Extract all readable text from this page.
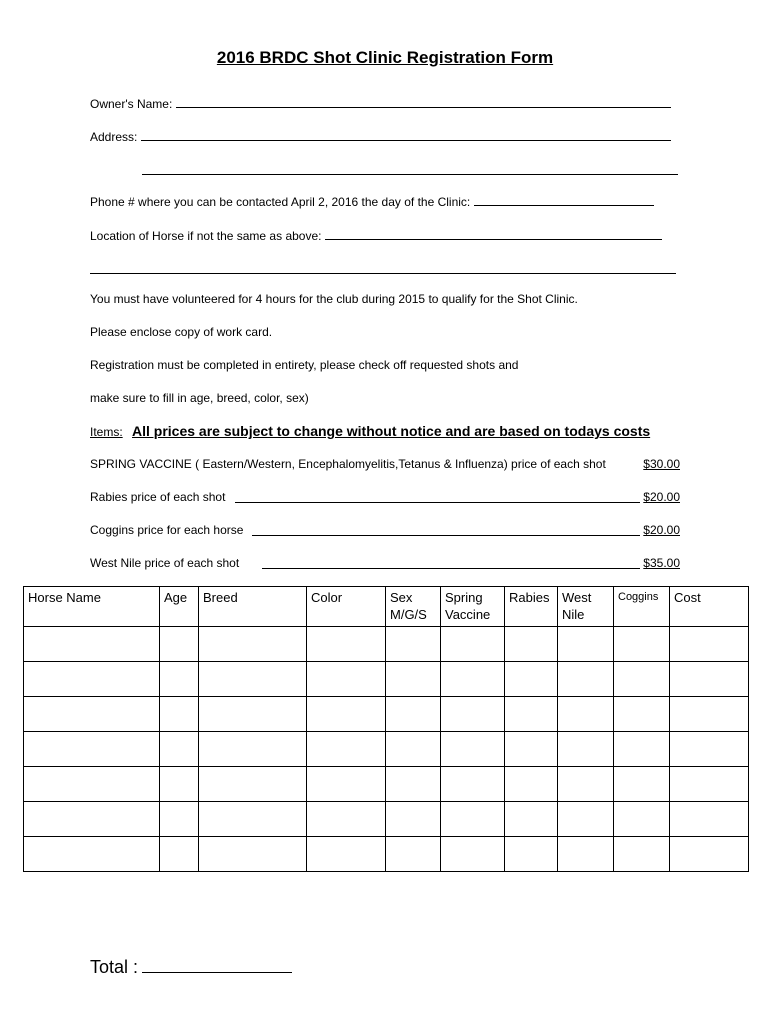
2016 BRDC Shot Clinic Registration Form
Owner's Name:
Address:
Phone # where you can be contacted April 2, 2016 the day of the Clinic:
Location of Horse if not the same as above:
You must have volunteered for 4 hours for the club during 2015 to qualify for the Shot Clinic.
Please enclose copy of work card.
Registration must be completed in entirety, please check off requested shots and
make sure to fill in age, breed, color, sex)
Items: All prices are subject to change without notice and are based on todays costs
SPRING VACCINE ( Eastern/Western, Encephalomyelitis,Tetanus & Influenza) price of each shot	$30.00
Rabies price of each shot	$20.00
Coggins price for each horse	$20.00
West Nile price of each shot	$35.00
Horse Name	Age	Breed	Color	Sex M/G/S	Spring Vaccine	Rabies	West Nile	Coggins	Cost

Total :
